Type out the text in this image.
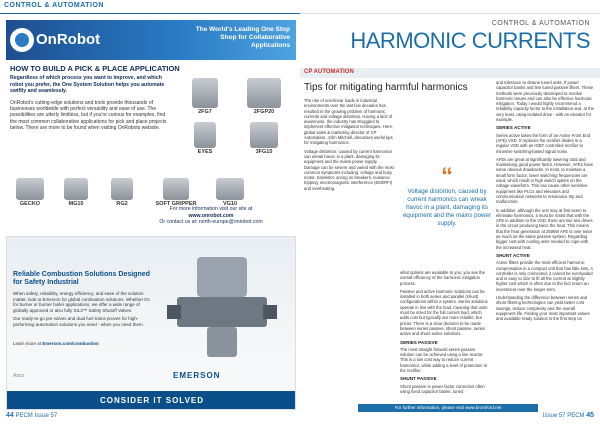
CONTROL & AUTOMATION
OnRobot
The World's Leading One Stop Shop for Collaborative Applications
HOW TO BUILD A PICK & PLACE APPLICATION
Regardless of which process you want to improve, and which robot you prefer, the One System Solution helps you automate swiftly and seamlessly.
OnRobot's cutting-edge solutions and tools provide thousands of businesses worldwide with perfect versatility and ease of use. The possibilities are utterly limitless, but if you're curious for examples, find the most common collaborative applications for pick and place projects below. There are more to be found when visiting OnRobots website.
2FG7	2FGP20
EYES	3FG15
GECKO	MG10	RG2	SOFT GRIPPER	VG10
For more information visit our site at
www.onrobot.com
Or contact us at: north-europe@onrobot.com
Reliable Combustion Solutions Designed for Safety Industrial
When safety, reliability, energy efficiency, and ease of the solution matter, look to Emerson for global combustion solutions. Whether it's for burner or burner boiler applications, we offer a wide range of globally approved or also fully SIL3™ Safety Shutoff Valves.
Our ready-to-go pre valves and dual fuel trains proves for high-performing automation solutions you need - when you need them.
Learn more at Emerson.com/combustion
Asco	EMERSON
CONSIDER IT SOLVED
CONTROL & AUTOMATION
HARMONIC CURRENTS
CP AUTOMATION
Tips for mitigating harmful harmonics

The rise of non-linear loads in industrial environments over the last few decades has resulted in the growing problem of harmonic currents and voltage distortion. Having a lack of awareness, the industry has struggled to implement effective mitigation techniques. Here, global sales & marketing director of CP Automation, John Mitchell, discusses useful tips for mitigating harmonics.

Voltage distortion, caused by current harmonics can wreak havoc in a plant, damaging its equipment and the mains power supply. Damage can be severe and varied with the most common symptoms including: voltage and busy motor, transistor, arcing on breakers, nuisance tripping, electromagnetic interference (EMI/RFI) and overheating.

what options are available to you, you see the overall efficiency of the harmonic mitigation process.

Passive and active harmonic solutions can be installed in both series and parallel (shunt) configurations within a system. Series solutions operate in line with the load, meaning that units must be sized for the full current load, which adds cost but typically are more reliable, but pricier. There is a clear decision to be made between series passive, shunt passive, series active and shunt active solutions.

SERIES PASSIVE

The most straight forward series passive solution can be achieved using a line reactor. This is a low cost way to reduce current harmonics, while adding a level of protection to the rectifier.

SHUNT PASSIVE

Shunt passive is power factor correction often using fixed capacitor banks, tuned

“
Voltage distortion, caused by current harmonics can wreak havoc in a plant, damaging its equipment and the mains power supply.

and tolerance to detune tuned units. If power capacitor banks and line tuned passive filters. These methods were previously developed to resolve harmonic issues and can also be effective harmonic mitigation. Today I would highly recommend a reliability capacity factor to the installation and, at the very least, using isolated drive - with an elevator for example.

SERIES ACTIVE

Series active takes the form of an Active Front End (AFE) VSD. It replaces the rectifier diodes in a regular VSD with an IGBT controlled rectifier to minimise switching-based signal noise.

AFEs are great at significantly lowering total and maintaining good power factor. However, AFEs have some obvious drawbacks. In most, to maintain a small form factor, lower switching frequencies are used, which result in high switch spikes on the voltage waveform. This can cause other sensitive equipment like PLCs and elevators and communication networks to resonance trip and malfunction.

In addition, although the unit may at first seem to eliminate harmonics, it must be noted that with the AFE in addition to the VSD, there are two two drives in the circuit producing twice the heat. This means that the heat generation at 250kW AFE is over twice as much as the same passive system. Regarding bigger cost with cooling units needed to cope with the increased heat.

SHUNT ACTIVE

Active filters provide the most efficient harmonic compensation in a compact unit that has little loss. A controller is only connected, it cannot be overloaded and is easy to size to fit all the current at slightly higher cost which is often due to the fact return an investment over the longer term.

Understanding the difference between series and shunt filtering technologies can yield better cost savings, reduce complexity and the overall equipment life. Finding your most important values and available ready solution is the first step on

For further information, please visit www.bromford.net
44 PECM Issue 57	Issue 57 PECM 45
